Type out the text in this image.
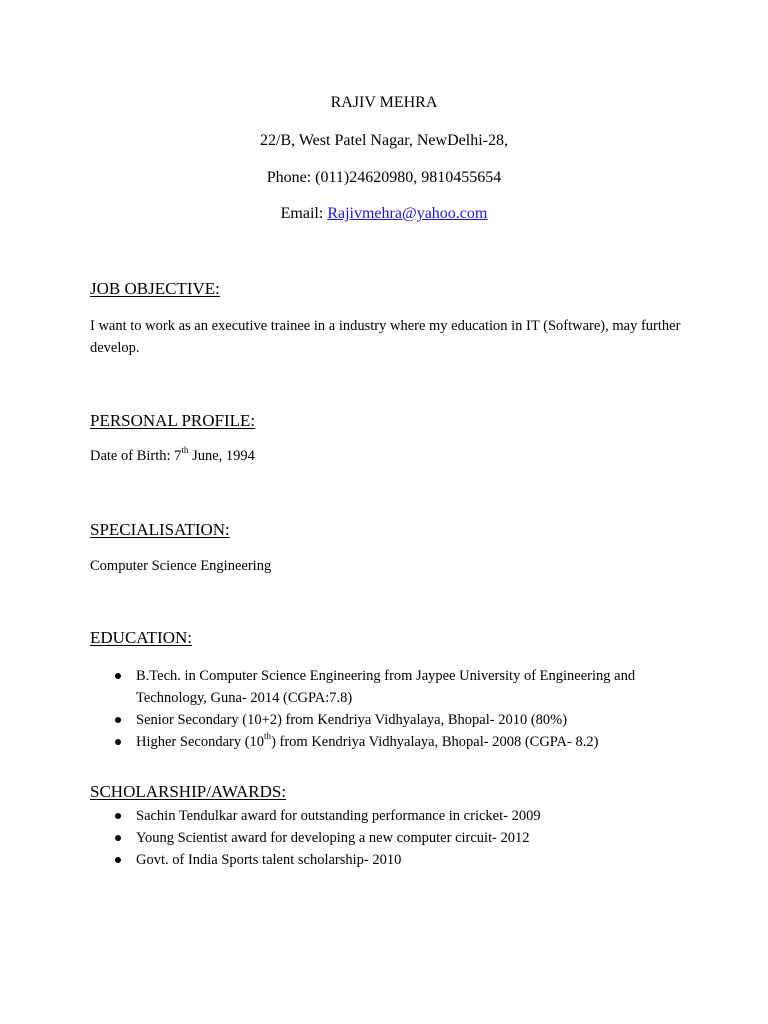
RAJIV MEHRA
22/B, West Patel Nagar, NewDelhi-28,
Phone: (011)24620980, 9810455654
Email: Rajivmehra@yahoo.com
JOB OBJECTIVE:
I want to work as an executive trainee in a industry where my education in IT (Software), may further develop.
PERSONAL PROFILE:
Date of Birth: 7th June, 1994
SPECIALISATION:
Computer Science Engineering
EDUCATION:
B.Tech. in Computer Science Engineering from Jaypee University of Engineering and Technology, Guna- 2014 (CGPA:7.8)
Senior Secondary (10+2) from Kendriya Vidhyalaya, Bhopal- 2010 (80%)
Higher Secondary (10th) from Kendriya Vidhyalaya, Bhopal- 2008 (CGPA- 8.2)
SCHOLARSHIP/AWARDS:
Sachin Tendulkar award for outstanding performance in cricket- 2009
Young Scientist award for developing a new computer circuit- 2012
Govt. of India Sports talent scholarship- 2010
